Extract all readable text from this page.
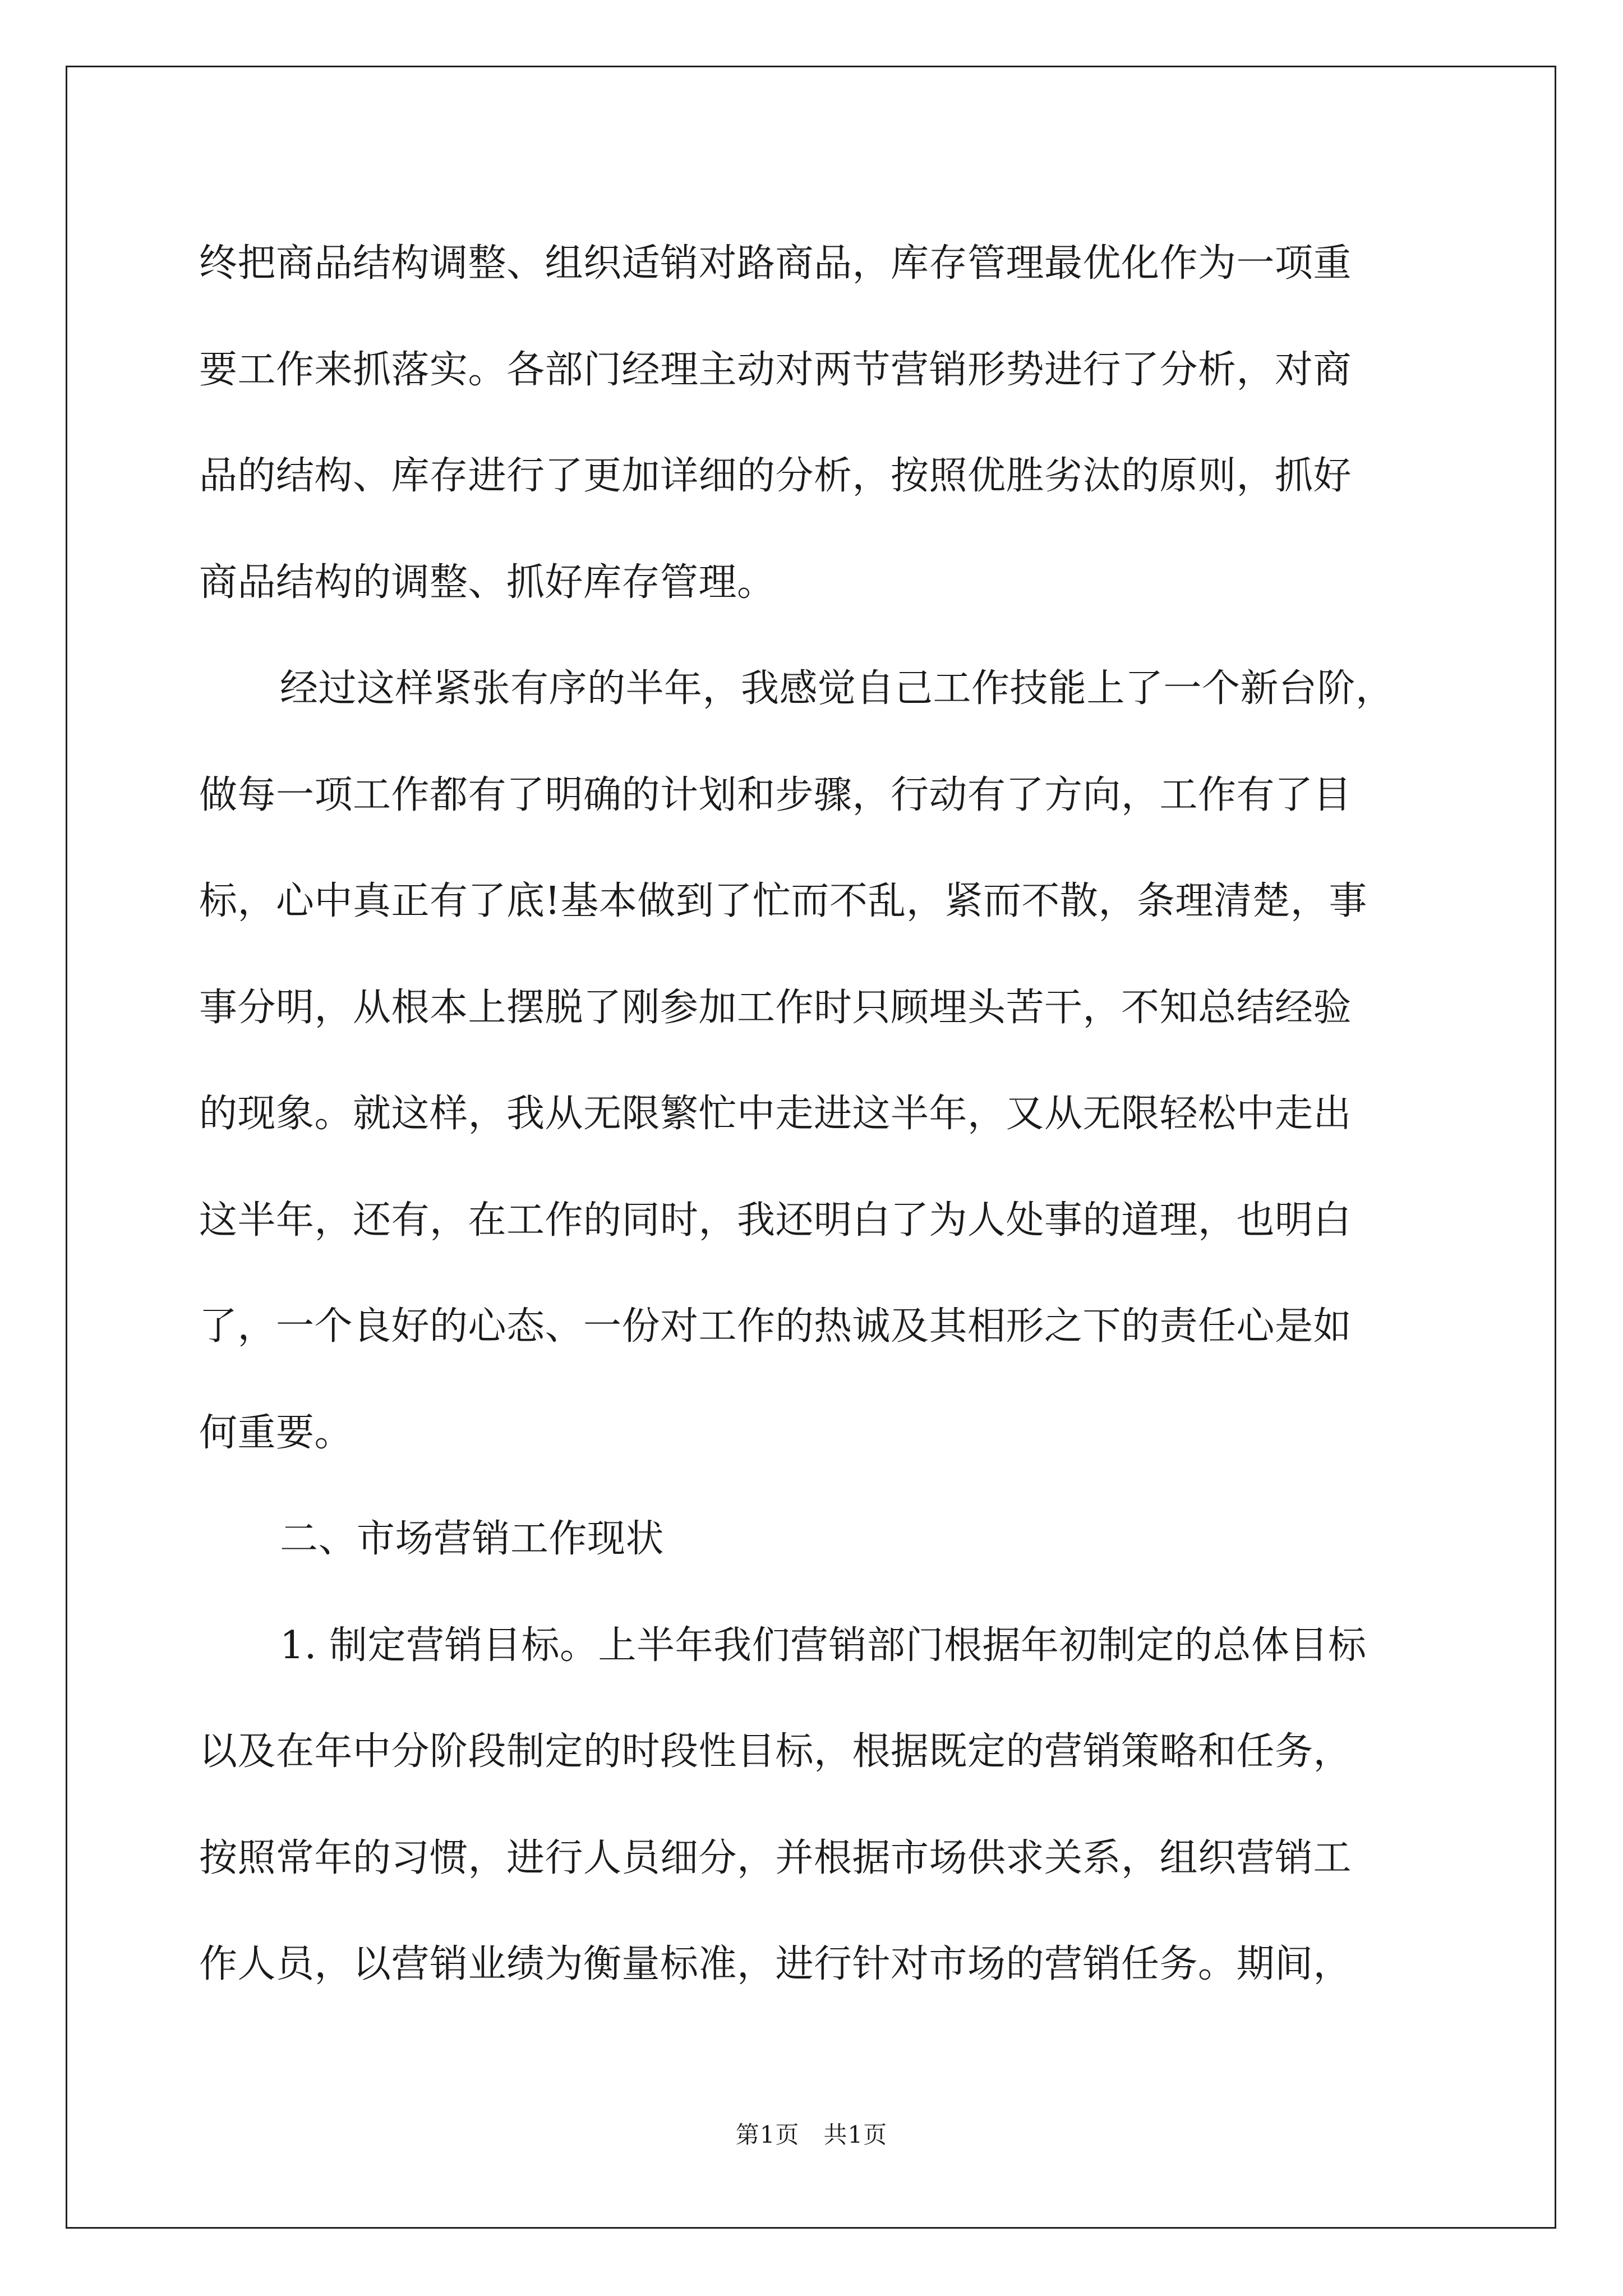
终把商品结构调整、组织适销对路商品，库存管理最优化作为一项重
要工作来抓落实。各部门经理主动对两节营销形势进行了分析，对商
品的结构、库存进行了更加详细的分析，按照优胜劣汰的原则，抓好
商品结构的调整、抓好库存管理。
经过这样紧张有序的半年，我感觉自己工作技能上了一个新台阶，
做每一项工作都有了明确的计划和步骤，行动有了方向，工作有了目
标，心中真正有了底!基本做到了忙而不乱，紧而不散，条理清楚，事
事分明，从根本上摆脱了刚参加工作时只顾埋头苦干，不知总结经验
的现象。就这样，我从无限繁忙中走进这半年，又从无限轻松中走出
这半年，还有，在工作的同时，我还明白了为人处事的道理，也明白
了，一个良好的心态、一份对工作的热诚及其相形之下的责任心是如
何重要。
二、市场营销工作现状
1. 制定营销目标。上半年我们营销部门根据年初制定的总体目标
以及在年中分阶段制定的时段性目标，根据既定的营销策略和任务，
按照常年的习惯，进行人员细分，并根据市场供求关系，组织营销工
作人员，以营销业绩为衡量标准，进行针对市场的营销任务。期间，
第1页　共1页
